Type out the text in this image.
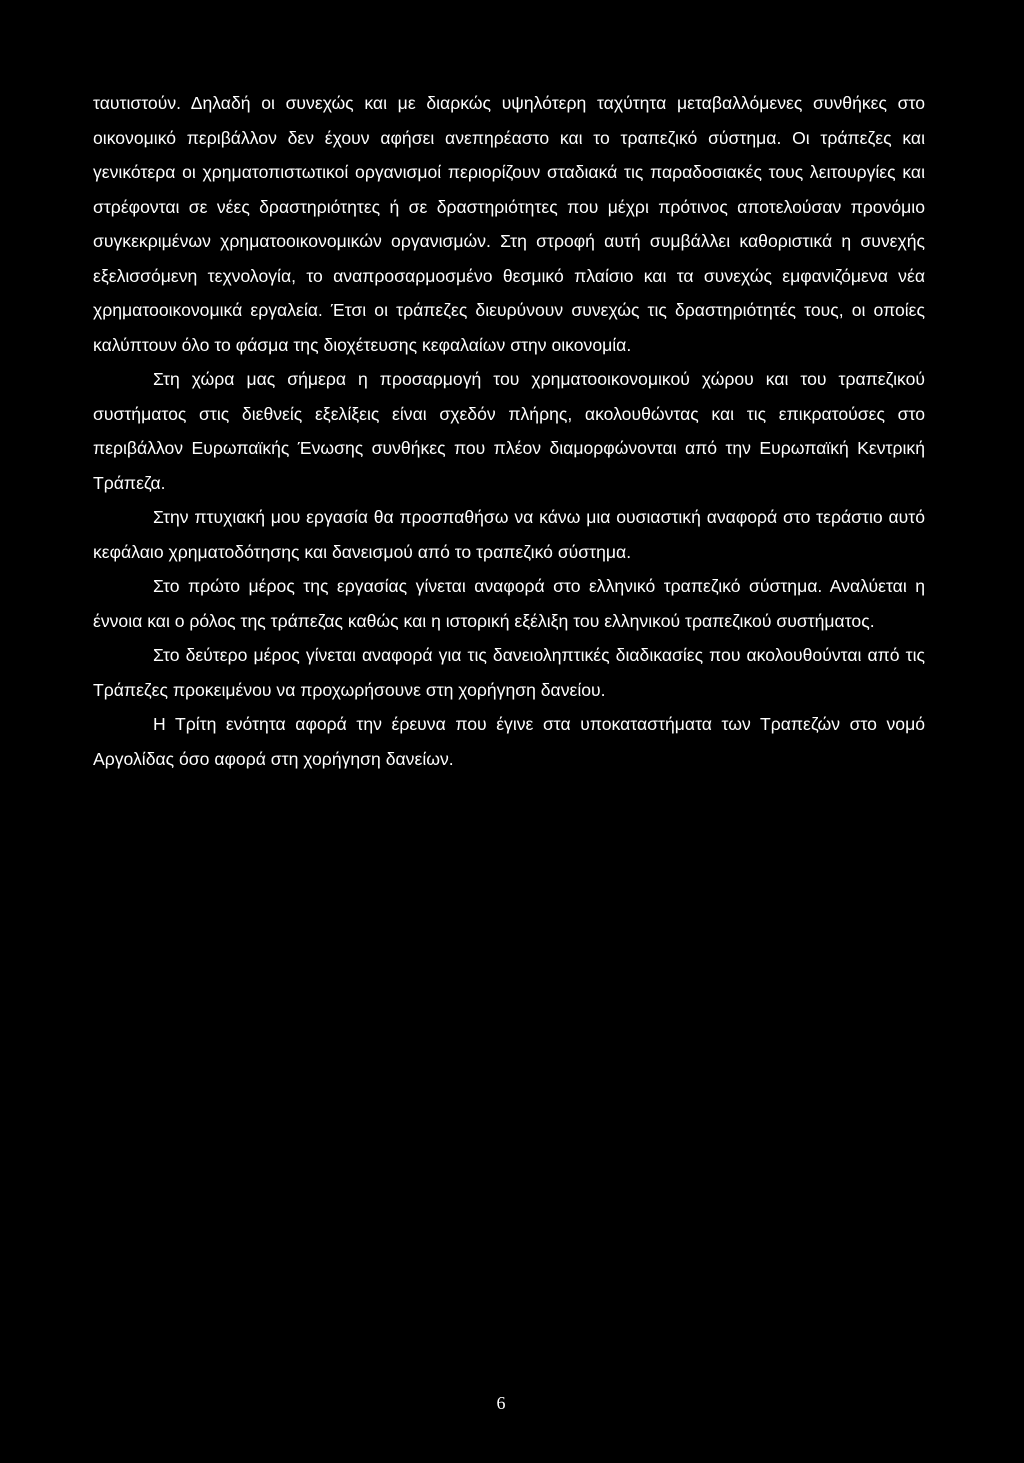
ταυτιστούν. Δηλαδή οι συνεχώς και με διαρκώς υψηλότερη ταχύτητα μεταβαλλόμενες συνθήκες στο οικονομικό περιβάλλον δεν έχουν αφήσει ανεπηρέαστο και το τραπεζικό σύστημα. Οι τράπεζες και γενικότερα οι χρηματοπιστωτικοί οργανισμοί περιορίζουν σταδιακά τις παραδοσιακές τους λειτουργίες και στρέφονται σε νέες δραστηριότητες ή σε δραστηριότητες που μέχρι πρότινος αποτελούσαν προνόμιο συγκεκριμένων χρηματοοικονομικών οργανισμών. Στη στροφή αυτή συμβάλλει καθοριστικά η συνεχής εξελισσόμενη τεχνολογία, το αναπροσαρμοσμένο θεσμικό πλαίσιο και τα συνεχώς εμφανιζόμενα νέα χρηματοοικονομικά εργαλεία. Έτσι οι τράπεζες διευρύνουν συνεχώς τις δραστηριότητές τους, οι οποίες καλύπτουν όλο το φάσμα της διοχέτευσης κεφαλαίων στην οικονομία.

Στη χώρα μας σήμερα η προσαρμογή του χρηματοοικονομικού χώρου και του τραπεζικού συστήματος στις διεθνείς εξελίξεις είναι σχεδόν πλήρης, ακολουθώντας και τις επικρατούσες στο περιβάλλον Ευρωπαϊκής Ένωσης συνθήκες που πλέον διαμορφώνονται από την Ευρωπαϊκή Κεντρική Τράπεζα.

Στην πτυχιακή μου εργασία θα προσπαθήσω να κάνω μια ουσιαστική αναφορά στο τεράστιο αυτό κεφάλαιο χρηματοδότησης και δανεισμού από το τραπεζικό σύστημα.

Στο πρώτο μέρος της εργασίας γίνεται αναφορά στο ελληνικό τραπεζικό σύστημα. Αναλύεται η έννοια και ο ρόλος της τράπεζας καθώς και η ιστορική εξέλιξη του ελληνικού τραπεζικού συστήματος.

Στο δεύτερο μέρος γίνεται αναφορά για τις δανειοληπτικές διαδικασίες που ακολουθούνται από τις Τράπεζες προκειμένου να προχωρήσουνε στη χορήγηση δανείου.

Η Τρίτη ενότητα αφορά την έρευνα που έγινε στα υποκαταστήματα των Τραπεζών στο νομό Αργολίδας όσο αφορά στη χορήγηση δανείων.

6
